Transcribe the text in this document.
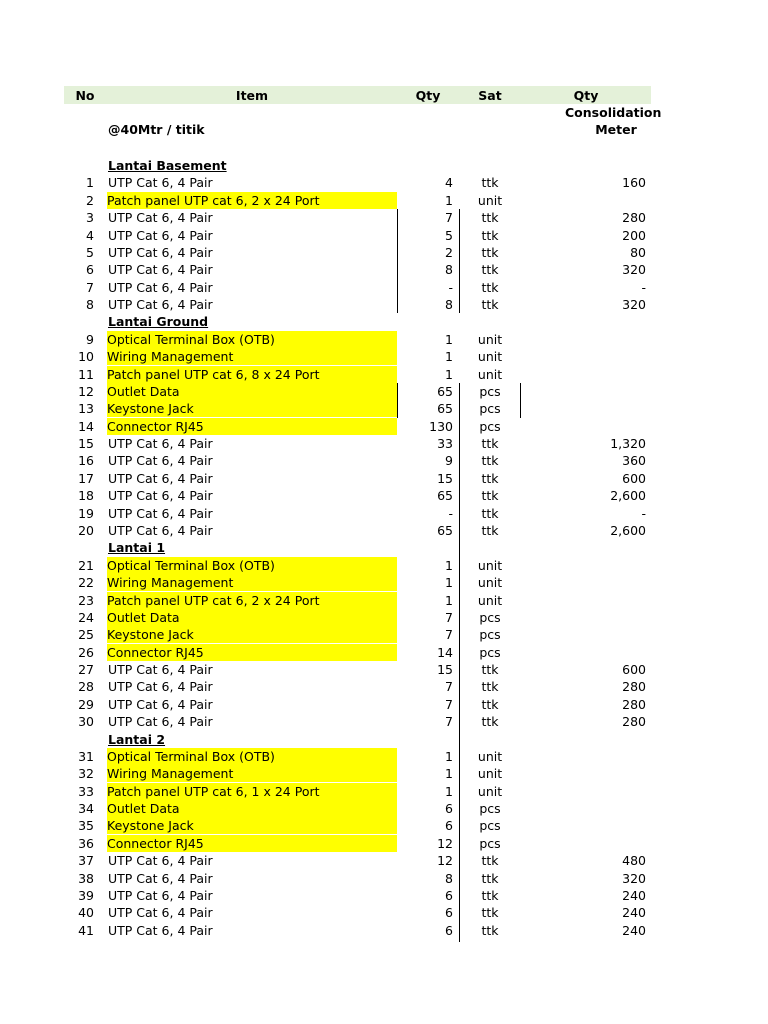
No	Item	Qty	Sat	Qty
Consolidation
Meter
@40Mtr / titik
Lantai Basement
1 UTP Cat 6, 4 Pair	4	ttk	160
2 Patch panel UTP cat 6, 2 x 24 Port	1	unit
3 UTP Cat 6, 4 Pair	7	ttk	280
4 UTP Cat 6, 4 Pair	5	ttk	200
5 UTP Cat 6, 4 Pair	2	ttk	80
6 UTP Cat 6, 4 Pair	8	ttk	320
7 UTP Cat 6, 4 Pair	-	ttk	-
8 UTP Cat 6, 4 Pair	8	ttk	320
Lantai Ground
9 Optical Terminal Box (OTB)	1	unit
10 Wiring Management	1	unit
11 Patch panel UTP cat 6, 8 x 24 Port	1	unit
12 Outlet Data	65	pcs
13 Keystone Jack	65	pcs
14 Connector RJ45	130	pcs
15 UTP Cat 6, 4 Pair	33	ttk	1,320
16 UTP Cat 6, 4 Pair	9	ttk	360
17 UTP Cat 6, 4 Pair	15	ttk	600
18 UTP Cat 6, 4 Pair	65	ttk	2,600
19 UTP Cat 6, 4 Pair	-	ttk	-
20 UTP Cat 6, 4 Pair	65	ttk	2,600
Lantai 1
21 Optical Terminal Box (OTB)	1	unit
22 Wiring Management	1	unit
23 Patch panel UTP cat 6, 2 x 24 Port	1	unit
24 Outlet Data	7	pcs
25 Keystone Jack	7	pcs
26 Connector RJ45	14	pcs
27 UTP Cat 6, 4 Pair	15	ttk	600
28 UTP Cat 6, 4 Pair	7	ttk	280
29 UTP Cat 6, 4 Pair	7	ttk	280
30 UTP Cat 6, 4 Pair	7	ttk	280
Lantai 2
31 Optical Terminal Box (OTB)	1	unit
32 Wiring Management	1	unit
33 Patch panel UTP cat 6, 1 x 24 Port	1	unit
34 Outlet Data	6	pcs
35 Keystone Jack	6	pcs
36 Connector RJ45	12	pcs
37 UTP Cat 6, 4 Pair	12	ttk	480
38 UTP Cat 6, 4 Pair	8	ttk	320
39 UTP Cat 6, 4 Pair	6	ttk	240
40 UTP Cat 6, 4 Pair	6	ttk	240
41 UTP Cat 6, 4 Pair	6	ttk	240
